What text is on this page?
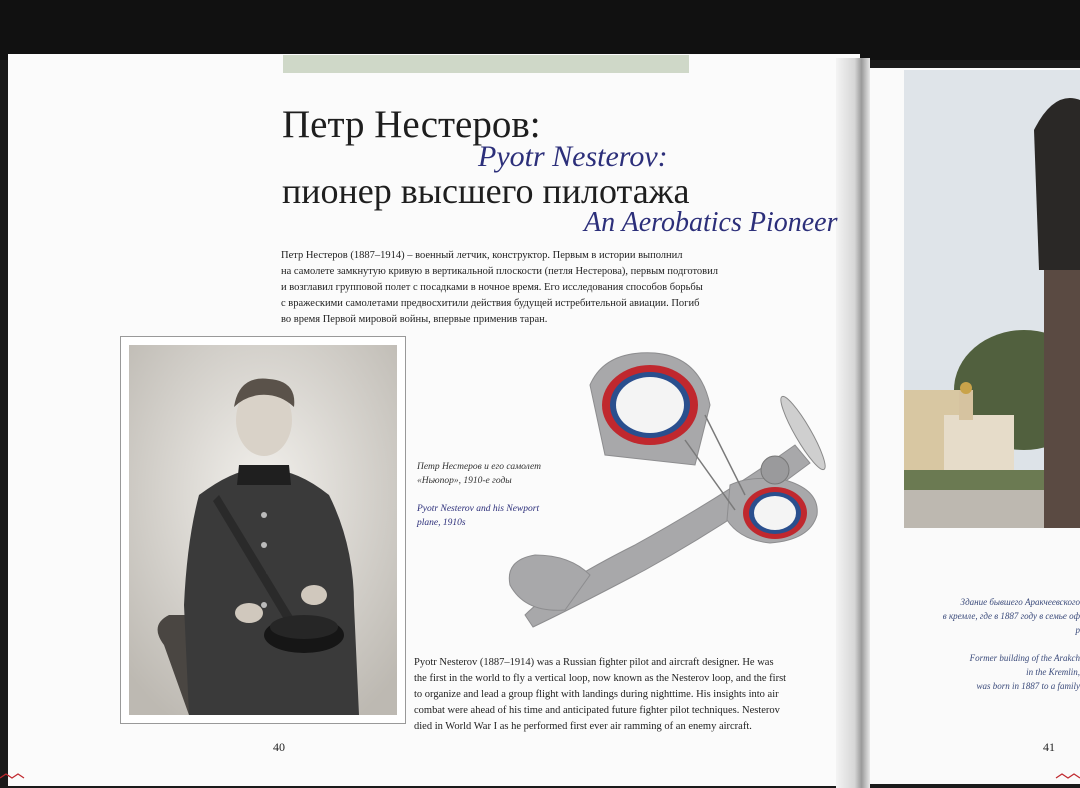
Петр Нестеров:
Pyotr Nesterov:
пионер высшего пилотажа
An Aerobatics Pioneer

Петр Нестеров (1887–1914) – военный летчик, конструктор. Первым в истории выполнил

на самолете замкнутую кривую в вертикальной плоскости (петля Нестерова), первым подготовил

и возглавил групповой полет с посадками в ночное время. Его исследования способов борьбы

с вражескими самолетами предвосхитили действия будущей истребительной авиации. Погиб

во время Первой мировой войны, впервые применив таран.

Петр Нестеров и его самолет
«Ньюпор», 1910-е годы

Pyotr Nesterov and his Newport
plane, 1910s

Pyotr Nesterov (1887–1914) was a Russian fighter pilot and aircraft designer. He was

the first in the world to fly a vertical loop, now known as the Nesterov loop, and the first

to organize and lead a group flight with landings during nighttime. His insights into air

combat were ahead of his time and anticipated future fighter pilot techniques. Nesterov

died in World War I as he performed first ever air ramming of an enemy aircraft.

40

Здание бывшего Аракчеевского

в кремле, где в 1887 году в семье оф

р

Former building of the Arakch

in the Kremlin,

was born in 1887 to a family

41
